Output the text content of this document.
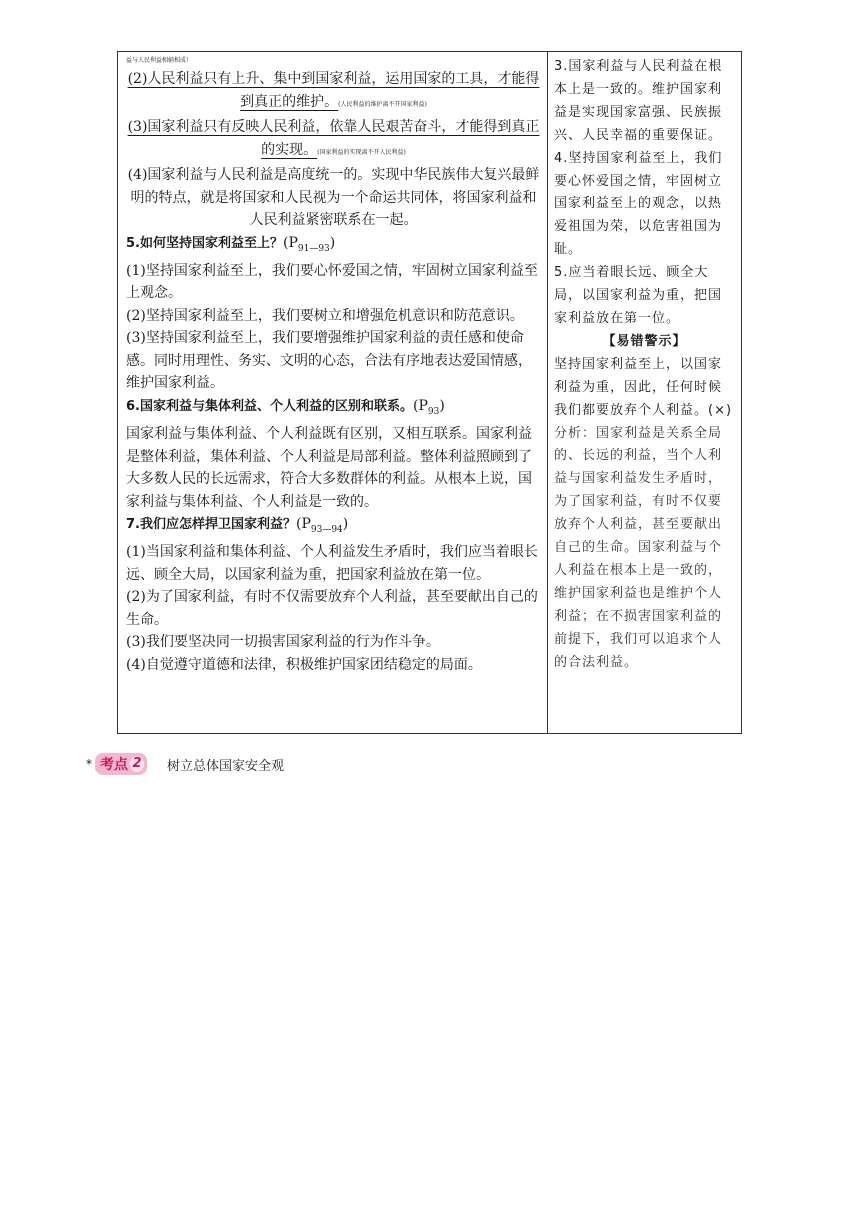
益与人民利益相辅相成）
(2)人民利益只有上升、集中到国家利益，运用国家的工具，才能得到真正的维护。(人民利益的维护离不开国家利益)
(3)国家利益只有反映人民利益，依靠人民艰苦奋斗，才能得到真正的实现。(国家利益的实现离不开人民利益)
(4)国家利益与人民利益是高度统一的。实现中华民族伟大复兴最鲜明的特点，就是将国家和人民视为一个命运共同体，将国家利益和人民利益紧密联系在一起。
5.如何坚持国家利益至上？$(P_{91—93})$
(1)坚持国家利益至上，我们要心怀爱国之情，牢固树立国家利益至上观念。
(2)坚持国家利益至上，我们要树立和增强危机意识和防范意识。
(3)坚持国家利益至上，我们要增强维护国家利益的责任感和使命感。同时用理性、务实、文明的心态，合法有序地表达爱国情感，维护国家利益。
6.国家利益与集体利益、个人利益的区别和联系。$(P_{93})$
国家利益与集体利益、个人利益既有区别，又相互联系。国家利益是整体利益，集体利益、个人利益是局部利益。整体利益照顾到了大多数人民的长远需求，符合大多数群体的利益。从根本上说，国家利益与集体利益、个人利益是一致的。
7.我们应怎样捍卫国家利益？$(P_{93—94})$
(1)当国家利益和集体利益、个人利益发生矛盾时，我们应当着眼长远、顾全大局，以国家利益为重，把国家利益放在第一位。
(2)为了国家利益，有时不仅需要放弃个人利益，甚至要献出自己的生命。
(3)我们要坚决同一切损害国家利益的行为作斗争。
(4)自觉遵守道德和法律，积极维护国家团结稳定的局面。
3.国家利益与人民利益在根本上是一致的。维护国家利益是实现国家富强、民族振兴、人民幸福的重要保证。
4.坚持国家利益至上，我们要心怀爱国之情，牢固树立国家利益至上的观念，以热爱祖国为荣，以危害祖国为耻。
5.应当着眼长远、顾全大局，以国家利益为重，把国家利益放在第一位。
【易错警示】
坚持国家利益至上，以国家利益为重，因此，任何时候我们都要放弃个人利益。(×)
分析：国家利益是关系全局的、长远的利益，当个人利益与国家利益发生矛盾时，为了国家利益，有时不仅要放弃个人利益，甚至要献出自己的生命。国家利益与个人利益在根本上是一致的，维护国家利益也是维护个人利益；在不损害国家利益的前提下，我们可以追求个人的合法利益。
* 考点 2 树立总体国家安全观
